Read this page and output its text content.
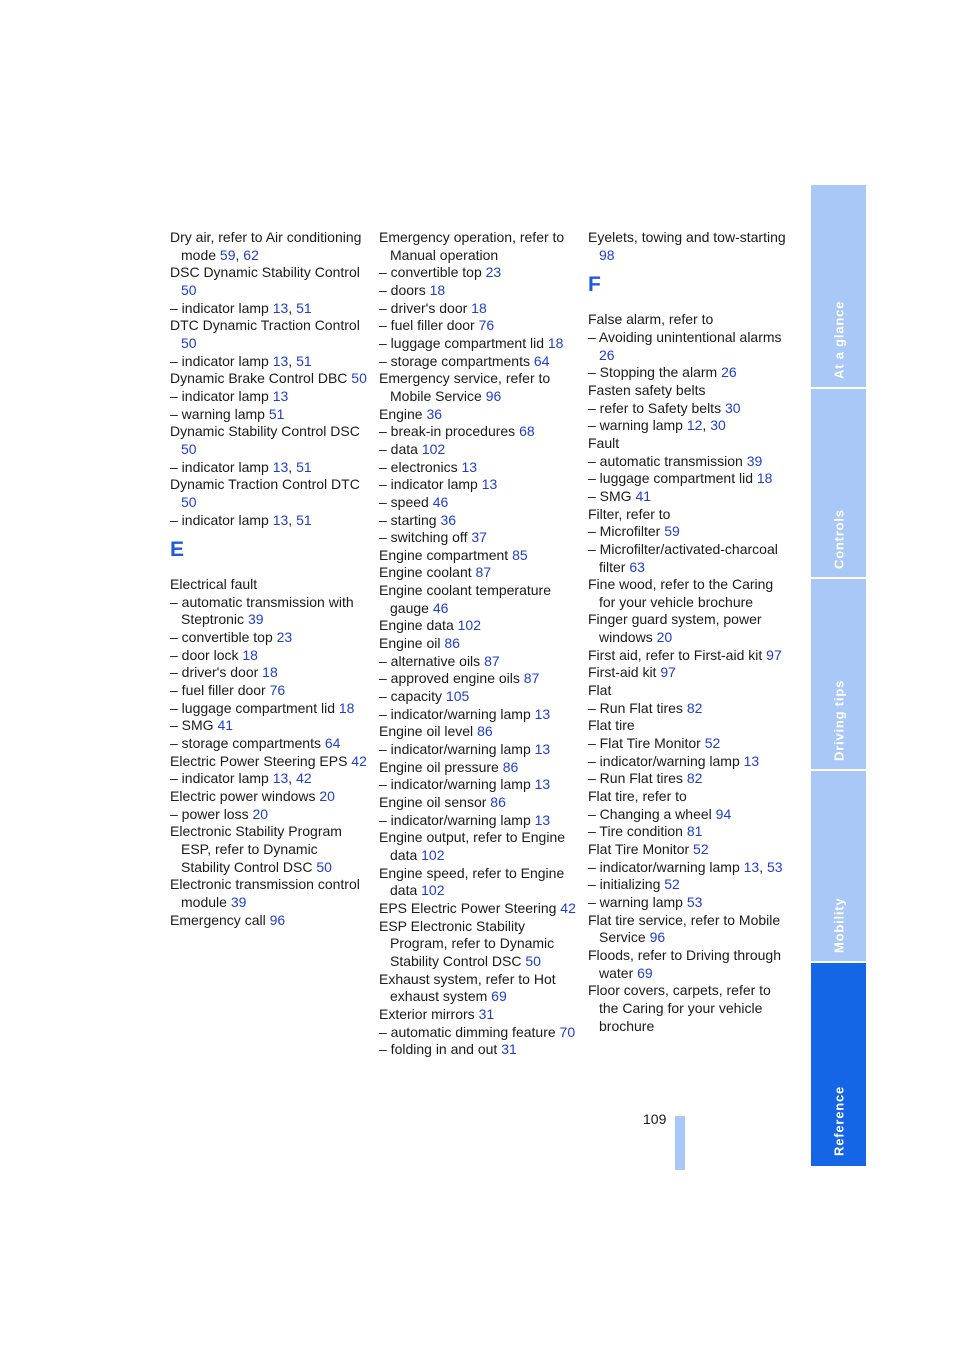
Dry air, refer to Air conditioning mode 59, 62
DSC Dynamic Stability Control 50
– indicator lamp 13, 51
DTC Dynamic Traction Control 50
– indicator lamp 13, 51
Dynamic Brake Control DBC 50
– indicator lamp 13
– warning lamp 51
Dynamic Stability Control DSC 50
– indicator lamp 13, 51
Dynamic Traction Control DTC 50
– indicator lamp 13, 51
E
Electrical fault
– automatic transmission with Steptronic 39
– convertible top 23
– door lock 18
– driver's door 18
– fuel filler door 76
– luggage compartment lid 18
– SMG 41
– storage compartments 64
Electric Power Steering EPS 42
– indicator lamp 13, 42
Electric power windows 20
– power loss 20
Electronic Stability Program ESP, refer to Dynamic Stability Control DSC 50
Electronic transmission control module 39
Emergency call 96
Emergency operation, refer to Manual operation
– convertible top 23
– doors 18
– driver's door 18
– fuel filler door 76
– luggage compartment lid 18
– storage compartments 64
Emergency service, refer to Mobile Service 96
Engine 36
– break-in procedures 68
– data 102
– electronics 13
– indicator lamp 13
– speed 46
– starting 36
– switching off 37
Engine compartment 85
Engine coolant 87
Engine coolant temperature gauge 46
Engine data 102
Engine oil 86
– alternative oils 87
– approved engine oils 87
– capacity 105
– indicator/warning lamp 13
Engine oil level 86
– indicator/warning lamp 13
Engine oil pressure 86
– indicator/warning lamp 13
Engine oil sensor 86
– indicator/warning lamp 13
Engine output, refer to Engine data 102
Engine speed, refer to Engine data 102
EPS Electric Power Steering 42
ESP Electronic Stability Program, refer to Dynamic Stability Control DSC 50
Exhaust system, refer to Hot exhaust system 69
Exterior mirrors 31
– automatic dimming feature 70
– folding in and out 31
Eyelets, towing and tow-starting 98
F
False alarm, refer to
– Avoiding unintentional alarms 26
– Stopping the alarm 26
Fasten safety belts
– refer to Safety belts 30
– warning lamp 12, 30
Fault
– automatic transmission 39
– luggage compartment lid 18
– SMG 41
Filter, refer to
– Microfilter 59
– Microfilter/activated-charcoal filter 63
Fine wood, refer to the Caring for your vehicle brochure
Finger guard system, power windows 20
First aid, refer to First-aid kit 97
First-aid kit 97
Flat
– Run Flat tires 82
Flat tire
– Flat Tire Monitor 52
– indicator/warning lamp 13
– Run Flat tires 82
Flat tire, refer to
– Changing a wheel 94
– Tire condition 81
Flat Tire Monitor 52
– indicator/warning lamp 13, 53
– initializing 52
– warning lamp 53
Flat tire service, refer to Mobile Service 96
Floods, refer to Driving through water 69
Floor covers, carpets, refer to the Caring for your vehicle brochure
At a glance
Controls
Driving tips
Mobility
Reference
109
